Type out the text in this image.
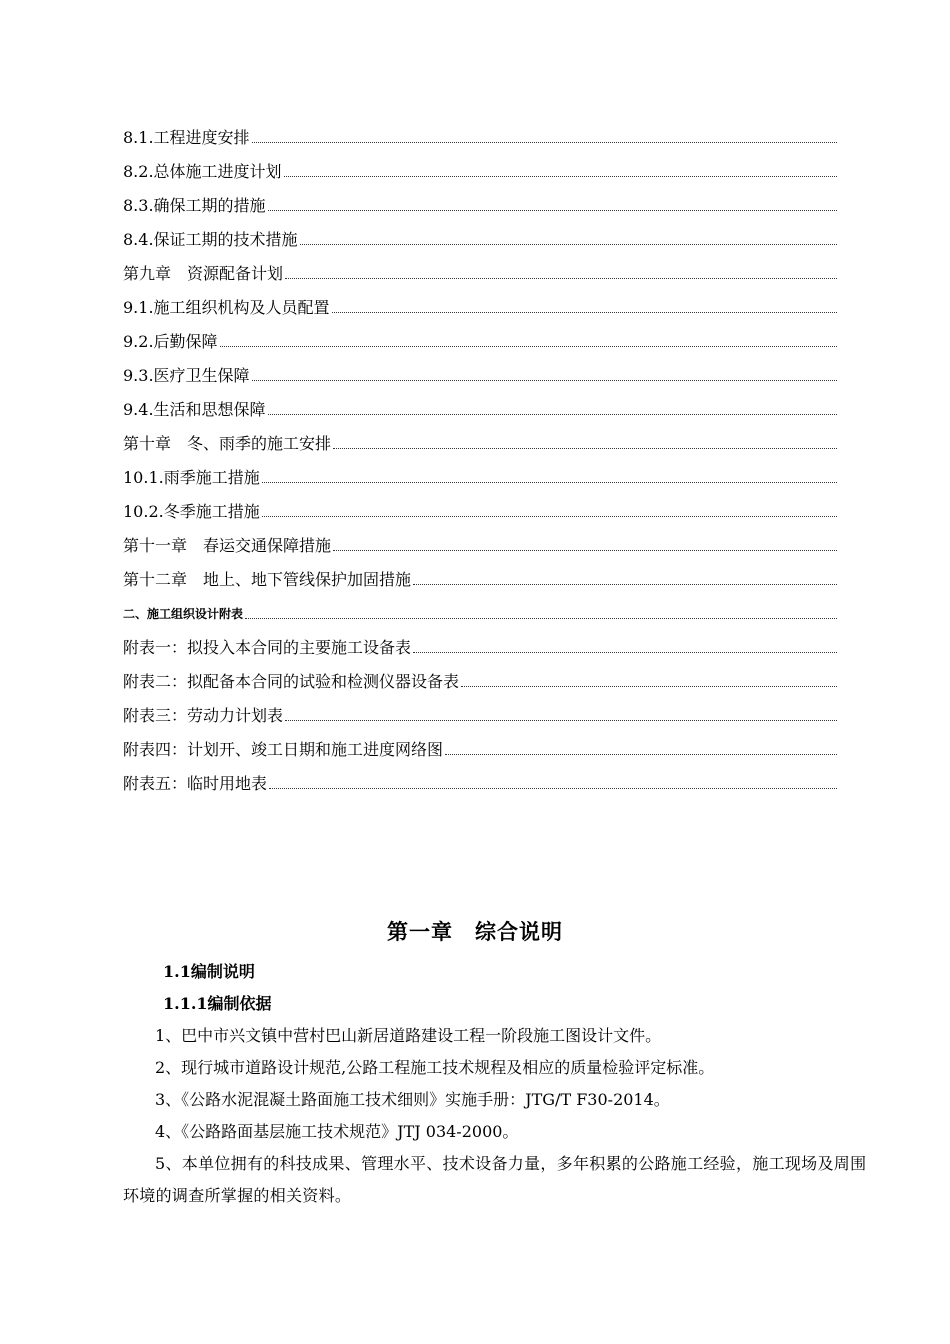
8.1.工程进度安排
8.2.总体施工进度计划
8.3.确保工期的措施
8.4.保证工期的技术措施
第九章　资源配备计划
9.1.施工组织机构及人员配置
9.2.后勤保障
9.3.医疗卫生保障
9.4.生活和思想保障
第十章　冬、雨季的施工安排
10.1.雨季施工措施
10.2.冬季施工措施
第十一章　春运交通保障措施
第十二章　地上、地下管线保护加固措施
二、施工组织设计附表
附表一：拟投入本合同的主要施工设备表
附表二：拟配备本合同的试验和检测仪器设备表
附表三：劳动力计划表
附表四：计划开、竣工日期和施工进度网络图
附表五：临时用地表
第一章　综合说明
1.1编制说明
1.1.1编制依据
1、巴中市兴文镇中营村巴山新居道路建设工程一阶段施工图设计文件。
2、现行城市道路设计规范,公路工程施工技术规程及相应的质量检验评定标准。
3、《公路水泥混凝土路面施工技术细则》实施手册：JTG/T F30-2014。
4、《公路路面基层施工技术规范》JTJ 034-2000。
5、本单位拥有的科技成果、管理水平、技术设备力量，多年积累的公路施工经验，施工现场及周围环境的调查所掌握的相关资料。
